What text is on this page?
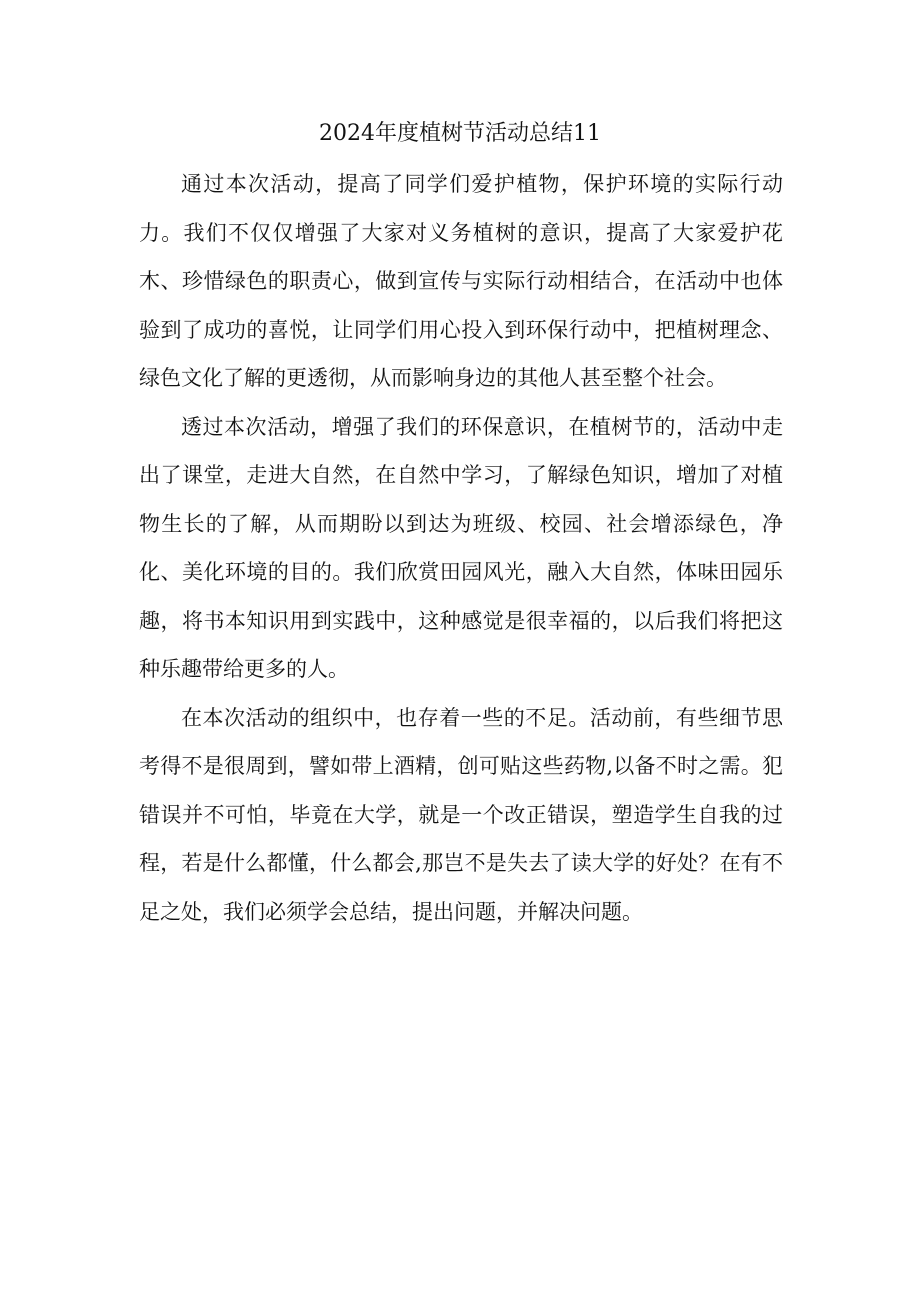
2024年度植树节活动总结11

通过本次活动，提高了同学们爱护植物，保护环境的实际行动力。我们不仅仅增强了大家对义务植树的意识，提高了大家爱护花木、珍惜绿色的职责心，做到宣传与实际行动相结合，在活动中也体验到了成功的喜悦，让同学们用心投入到环保行动中，把植树理念、绿色文化了解的更透彻，从而影响身边的其他人甚至整个社会。

透过本次活动，增强了我们的环保意识，在植树节的，活动中走出了课堂，走进大自然，在自然中学习，了解绿色知识，增加了对植物生长的了解，从而期盼以到达为班级、校园、社会增添绿色，净化、美化环境的目的。我们欣赏田园风光，融入大自然，体味田园乐趣，将书本知识用到实践中，这种感觉是很幸福的，以后我们将把这种乐趣带给更多的人。

在本次活动的组织中，也存着一些的不足。活动前，有些细节思考得不是很周到，譬如带上酒精，创可贴这些药物,以备不时之需。犯错误并不可怕，毕竟在大学，就是一个改正错误，塑造学生自我的过程，若是什么都懂，什么都会,那岂不是失去了读大学的好处？在有不足之处，我们必须学会总结，提出问题，并解决问题。
